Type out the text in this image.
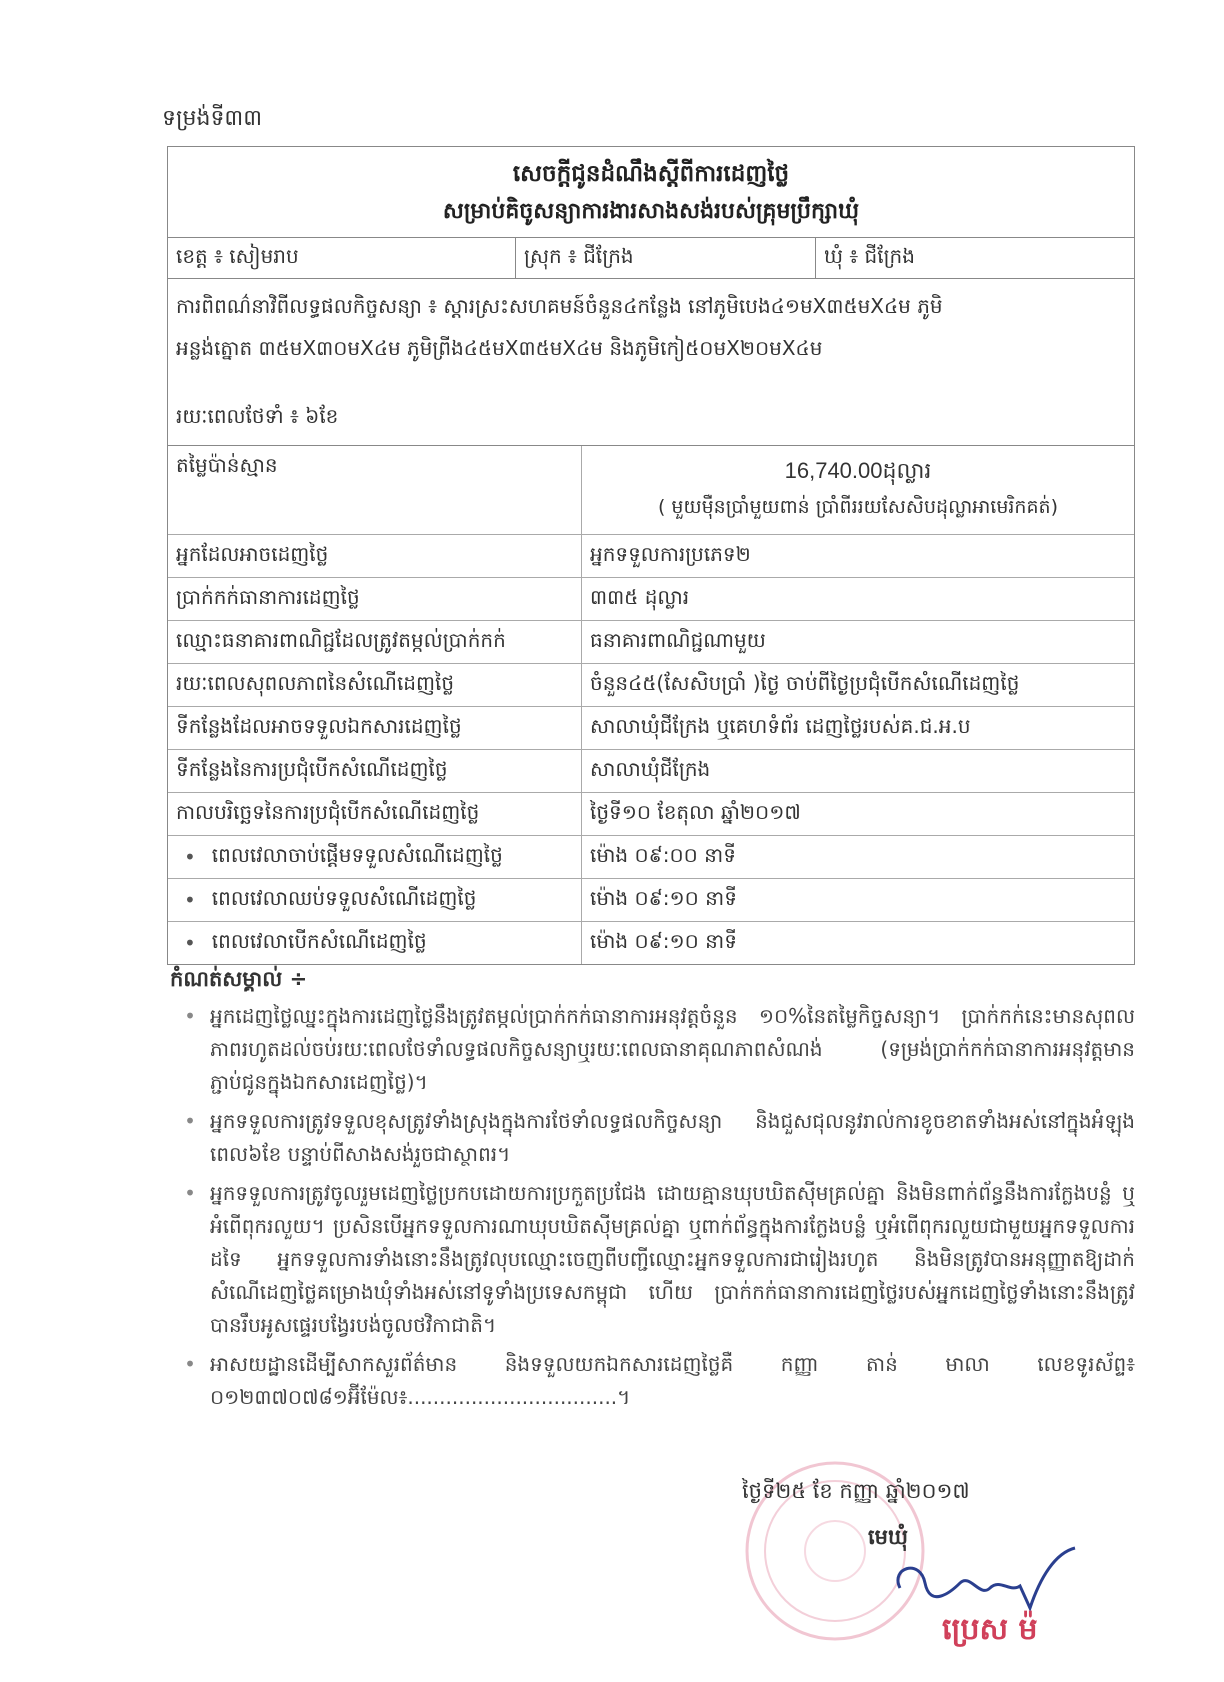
ទម្រង់ទី៣៣
សេចក្តីជូនដំណឹងស្តីពីការដេញថ្លៃ
សម្រាប់គិចូសន្យាការងារសាងសង់របស់គ្រុមប្រឹក្សាឃុំ
ខេត្ត ៖ សៀមរាប	ស្រុក ៖ ជីក្រែង	ឃុំ ៖ ជីក្រែង
ការពិពណ៌នាវិពីលទ្ធផលកិច្ចសន្យា ៖ ស្តារស្រះសហគមន៍ចំនួន៤កន្លែង នៅភូមិបេង៤១មX៣៥មX៤ម ភូមិ
អន្លង់ត្នោត ៣៥មX៣០មX៤ម ភូមិព្រីង៤៥មX៣៥មX៤ម និងភូមិកៀ៥០មX២០មX៤ម
រយៈពេលថែទាំ ៖ ៦ខែ
តម្លៃប៉ាន់ស្មាន	16,740.00ដុល្លារ
( មួយម៉ឺនប្រាំមួយពាន់ ប្រាំពីររយសែសិបដុល្លាអាមេរិកគត់)
អ្នកដែលអាចដេញថ្លៃ	អ្នកទទួលការប្រភេទ២
ប្រាក់កក់ធានាការដេញថ្លៃ	៣៣៥ ដុល្លារ
ឈ្មោះធនាគារពាណិជ្ជដែលត្រូវតម្កល់ប្រាក់កក់	ធនាគារពាណិជ្ជណាមួយ
រយៈពេលសុពលភាពនៃសំណើដេញថ្លៃ	ចំនួន៤៥(សែសិបប្រាំ )ថ្ងៃ ចាប់ពីថ្ងៃប្រជុំបើកសំណើដេញថ្លៃ
ទីកន្លែងដែលអាចទទួលឯកសារដេញថ្លៃ	សាលាឃុំជីក្រែង ឬគេហទំព័រ ដេញថ្លៃរបស់គ.ជ.អ.ប
ទីកន្លែងនៃការប្រជុំបើកសំណើដេញថ្លៃ	សាលាឃុំជីក្រែង
កាលបរិច្ឆេទនៃការប្រជុំបើកសំណើដេញថ្លៃ	ថ្ងៃទី១០ ខែតុលា ឆ្នាំ២០១៧
• ពេលវេលាចាប់ផ្តើមទទួលសំណើដេញថ្លៃ	ម៉ោង ០៩:០០ នាទី
• ពេលវេលាឈប់ទទួលសំណើដេញថ្លៃ	ម៉ោង ០៩:១០ នាទី
• ពេលវេលាបើកសំណើដេញថ្លៃ	ម៉ោង ០៩:១០ នាទី
កំណត់សម្គាល់ ÷
• អ្នកដេញថ្លៃឈ្នះក្នុងការដេញថ្លៃនឹងត្រូវតម្កល់ប្រាក់កក់ធានាការអនុវត្តចំនួន ១០%នៃតម្លៃកិច្ចសន្យា។ ប្រាក់កក់នេះមានសុពលភាពរហូតដល់ចប់រយៈពេលថែទាំលទ្ធផលកិច្ចសន្យាឬរយៈពេលធានាគុណភាពសំណង់ (ទម្រង់ប្រាក់កក់ធានាការអនុវត្តមានភ្ជាប់ជូនក្នុងឯកសារដេញថ្លៃ)។
• អ្នកទទួលការត្រូវទទួលខុសត្រូវទាំងស្រុងក្នុងការថែទាំលទ្ធផលកិច្ចសន្យា និងជួសជុលនូវរាល់ការខូចខាតទាំងអស់នៅក្នុងអំឡុងពេល៦ខែ បន្ទាប់ពីសាងសង់រួចជាស្ថាពរ។
• អ្នកទទួលការត្រូវចូលរួមដេញថ្លៃប្រកបដោយការប្រកួតប្រជែង ដោយគ្មានឃុបឃិតស៊ីមគ្រល់គ្នា និងមិនពាក់ព័ន្ធនឹងការក្លែងបន្លំ ឬអំពើពុករលួយ។ ប្រសិនបើអ្នកទទួលការណាឃុបឃិតស៊ីមគ្រល់គ្នា ឬពាក់ព័ន្ធក្នុងការក្លែងបន្លំ ឬអំពើពុករលួយជាមួយអ្នកទទួលការដទៃ អ្នកទទួលការទាំងនោះនឹងត្រូវលុបឈ្មោះចេញពីបញ្ជីឈ្មោះអ្នកទទួលការជារៀងរហូត និងមិនត្រូវបានអនុញ្ញាតឱ្យដាក់សំណើដេញថ្លៃគម្រោងឃុំទាំងអស់នៅទូទាំងប្រទេសកម្ពុជា ហើយ ប្រាក់កក់ធានាការដេញថ្លៃរបស់អ្នកដេញថ្លៃទាំងនោះនឹងត្រូវបានរឹបអូសផ្ទេរបង្វែរបង់ចូលថវិកាជាតិ។
• អាសយដ្ឋានដើម្បីសាកសួរព័ត៌មាន និងទទួលយកឯកសារដេញថ្លៃគឺ កញ្ញា តាន់ មាលា លេខទូរស័ព្ទ៖ ០១២៣៧០៧៨១អ៊ីម៉ែល៖.................................។
ថ្ងៃទី២៥ ខែ កញ្ញា ឆ្នាំ២០១៧
មេឃុំ
ប្រេស ម៉
